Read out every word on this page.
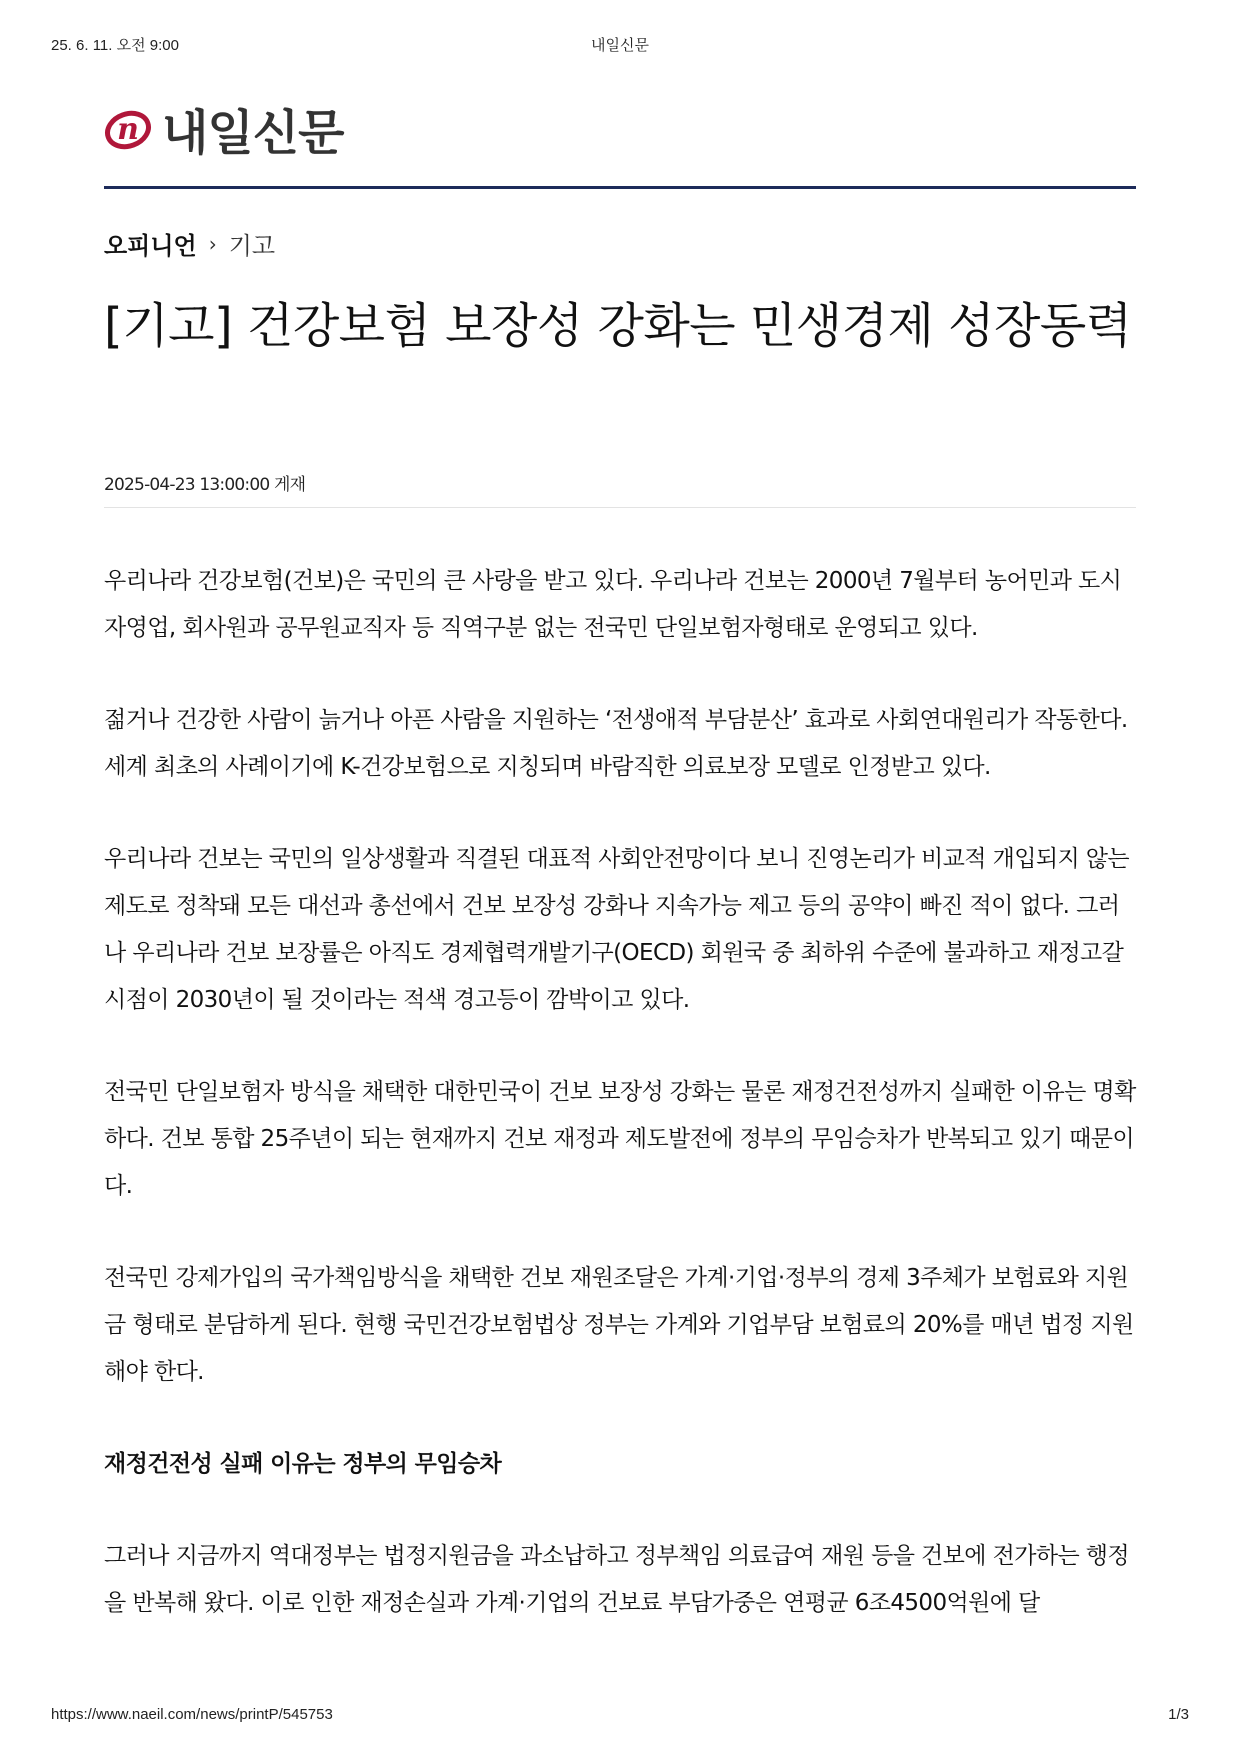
25. 6. 11. 오전 9:00	내일신문
n 내일신문
오피니언 › 기고
[기고] 건강보험 보장성 강화는 민생경제 성장동력
2025-04-23 13:00:00 게재

우리나라 건강보험(건보)은 국민의 큰 사랑을 받고 있다. 우리나라 건보는 2000년 7월부터 농어민과 도시자영업, 회사원과 공무원교직자 등 직역구분 없는 전국민 단일보험자형태로 운영되고 있다.

젊거나 건강한 사람이 늙거나 아픈 사람을 지원하는 ‘전생애적 부담분산’ 효과로 사회연대원리가 작동한다. 세계 최초의 사례이기에 K-건강보험으로 지칭되며 바람직한 의료보장 모델로 인정받고 있다.

우리나라 건보는 국민의 일상생활과 직결된 대표적 사회안전망이다 보니 진영논리가 비교적 개입되지 않는 제도로 정착돼 모든 대선과 총선에서 건보 보장성 강화나 지속가능 제고 등의 공약이 빠진 적이 없다. 그러나 우리나라 건보 보장률은 아직도 경제협력개발기구(OECD) 회원국 중 최하위 수준에 불과하고 재정고갈 시점이 2030년이 될 것이라는 적색 경고등이 깜박이고 있다.

전국민 단일보험자 방식을 채택한 대한민국이 건보 보장성 강화는 물론 재정건전성까지 실패한 이유는 명확하다. 건보 통합 25주년이 되는 현재까지 건보 재정과 제도발전에 정부의 무임승차가 반복되고 있기 때문이다.

전국민 강제가입의 국가책임방식을 채택한 건보 재원조달은 가계·기업·정부의 경제 3주체가 보험료와 지원금 형태로 분담하게 된다. 현행 국민건강보험법상 정부는 가계와 기업부담 보험료의 20%를 매년 법정 지원해야 한다.

재정건전성 실패 이유는 정부의 무임승차

그러나 지금까지 역대정부는 법정지원금을 과소납하고 정부책임 의료급여 재원 등을 건보에 전가하는 행정을 반복해 왔다. 이로 인한 재정손실과 가계·기업의 건보료 부담가중은 연평균 6조4500억원에 달

https://www.naeil.com/news/printP/545753	1/3
